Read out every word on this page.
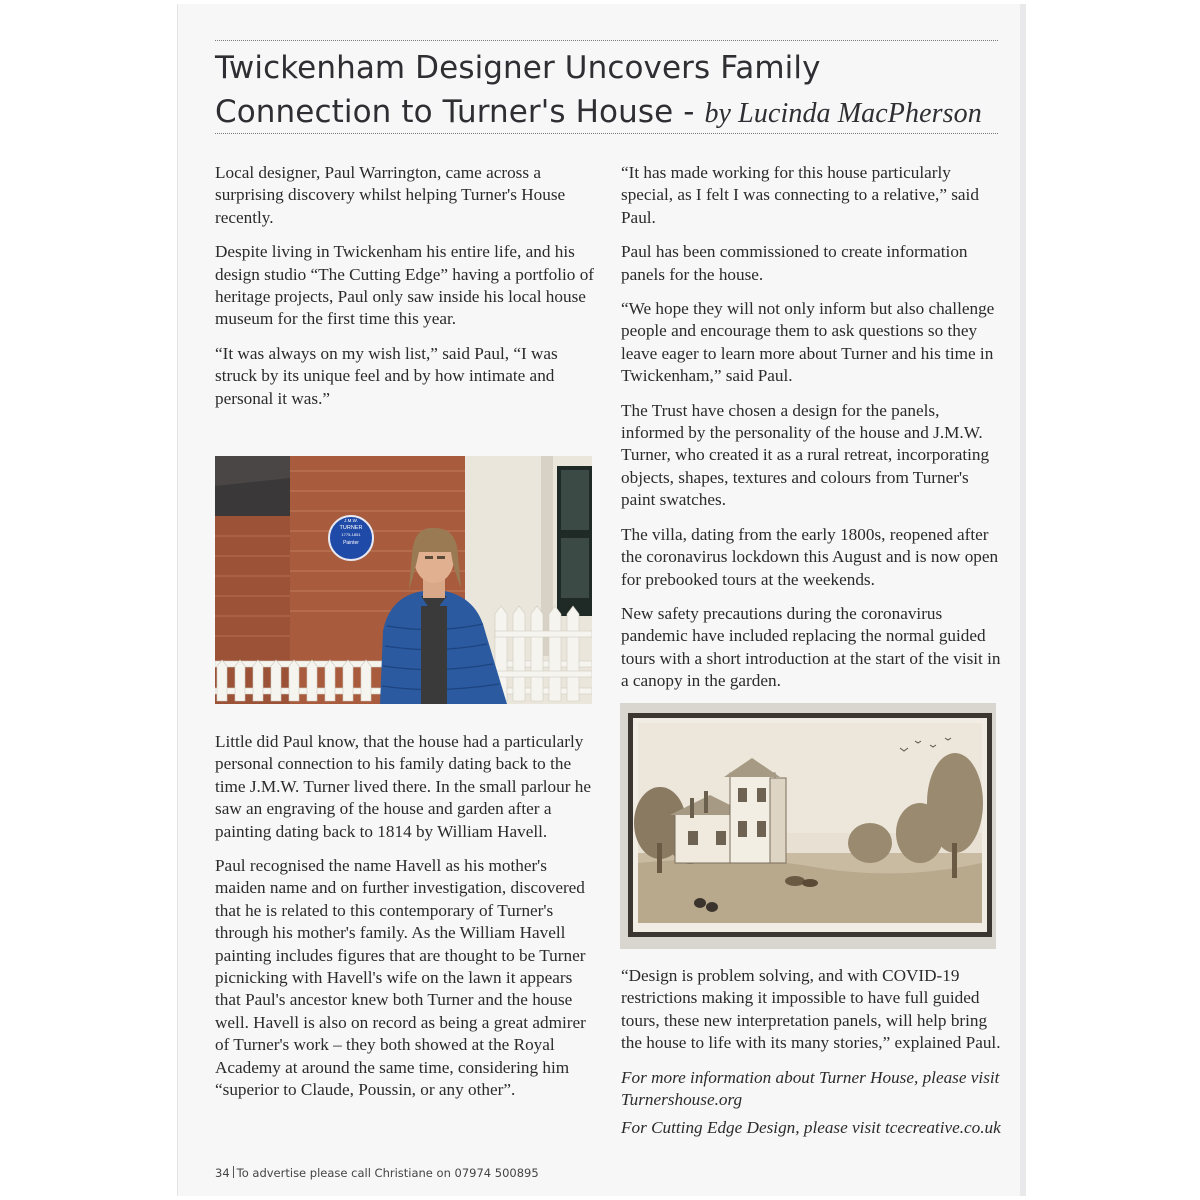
Twickenham Designer Uncovers Family
Connection to Turner's House - by Lucinda MacPherson

Local designer, Paul Warrington, came across a surprising discovery whilst helping Turner's House recently.

Despite living in Twickenham his entire life, and his design studio “The Cutting Edge” having a portfolio of heritage projects, Paul only saw inside his local house museum for the first time this year.

“It was always on my wish list,” said Paul, “I was struck by its unique feel and by how intimate and personal it was.”

J.M.W.
TURNER
1775-1851
Painter

Little did Paul know, that the house had a particularly personal connection to his family dating back to the time J.M.W. Turner lived there. In the small parlour he saw an engraving of the house and garden after a painting dating back to 1814 by William Havell.

Paul recognised the name Havell as his mother's maiden name and on further investigation, discovered that he is related to this contemporary of Turner's through his mother's family. As the William Havell painting includes figures that are thought to be Turner picnicking with Havell's wife on the lawn it appears that Paul's ancestor knew both Turner and the house well. Havell is also on record as being a great admirer of Turner's work – they both showed at the Royal Academy at around the same time, considering him “superior to Claude, Poussin, or any other”.

“It has made working for this house particularly special, as I felt I was connecting to a relative,” said Paul.

Paul has been commissioned to create information panels for the house.

“We hope they will not only inform but also challenge people and encourage them to ask questions so they leave eager to learn more about Turner and his time in Twickenham,” said Paul.

The Trust have chosen a design for the panels, informed by the personality of the house and J.M.W. Turner, who created it as a rural retreat, incorporating objects, shapes, textures and colours from Turner's paint swatches.

The villa, dating from the early 1800s, reopened after the coronavirus lockdown this August and is now open for prebooked tours at the weekends.

New safety precautions during the coronavirus pandemic have included replacing the normal guided tours with a short introduction at the start of the visit in a canopy in the garden.

“Design is problem solving, and with COVID-19 restrictions making it impossible to have full guided tours, these new interpretation panels, will help bring the house to life with its many stories,” explained Paul.

For more information about Turner House, please visit Turnershouse.org

For Cutting Edge Design, please visit tcecreative.co.uk

34 To advertise please call Christiane on 07974 500895
